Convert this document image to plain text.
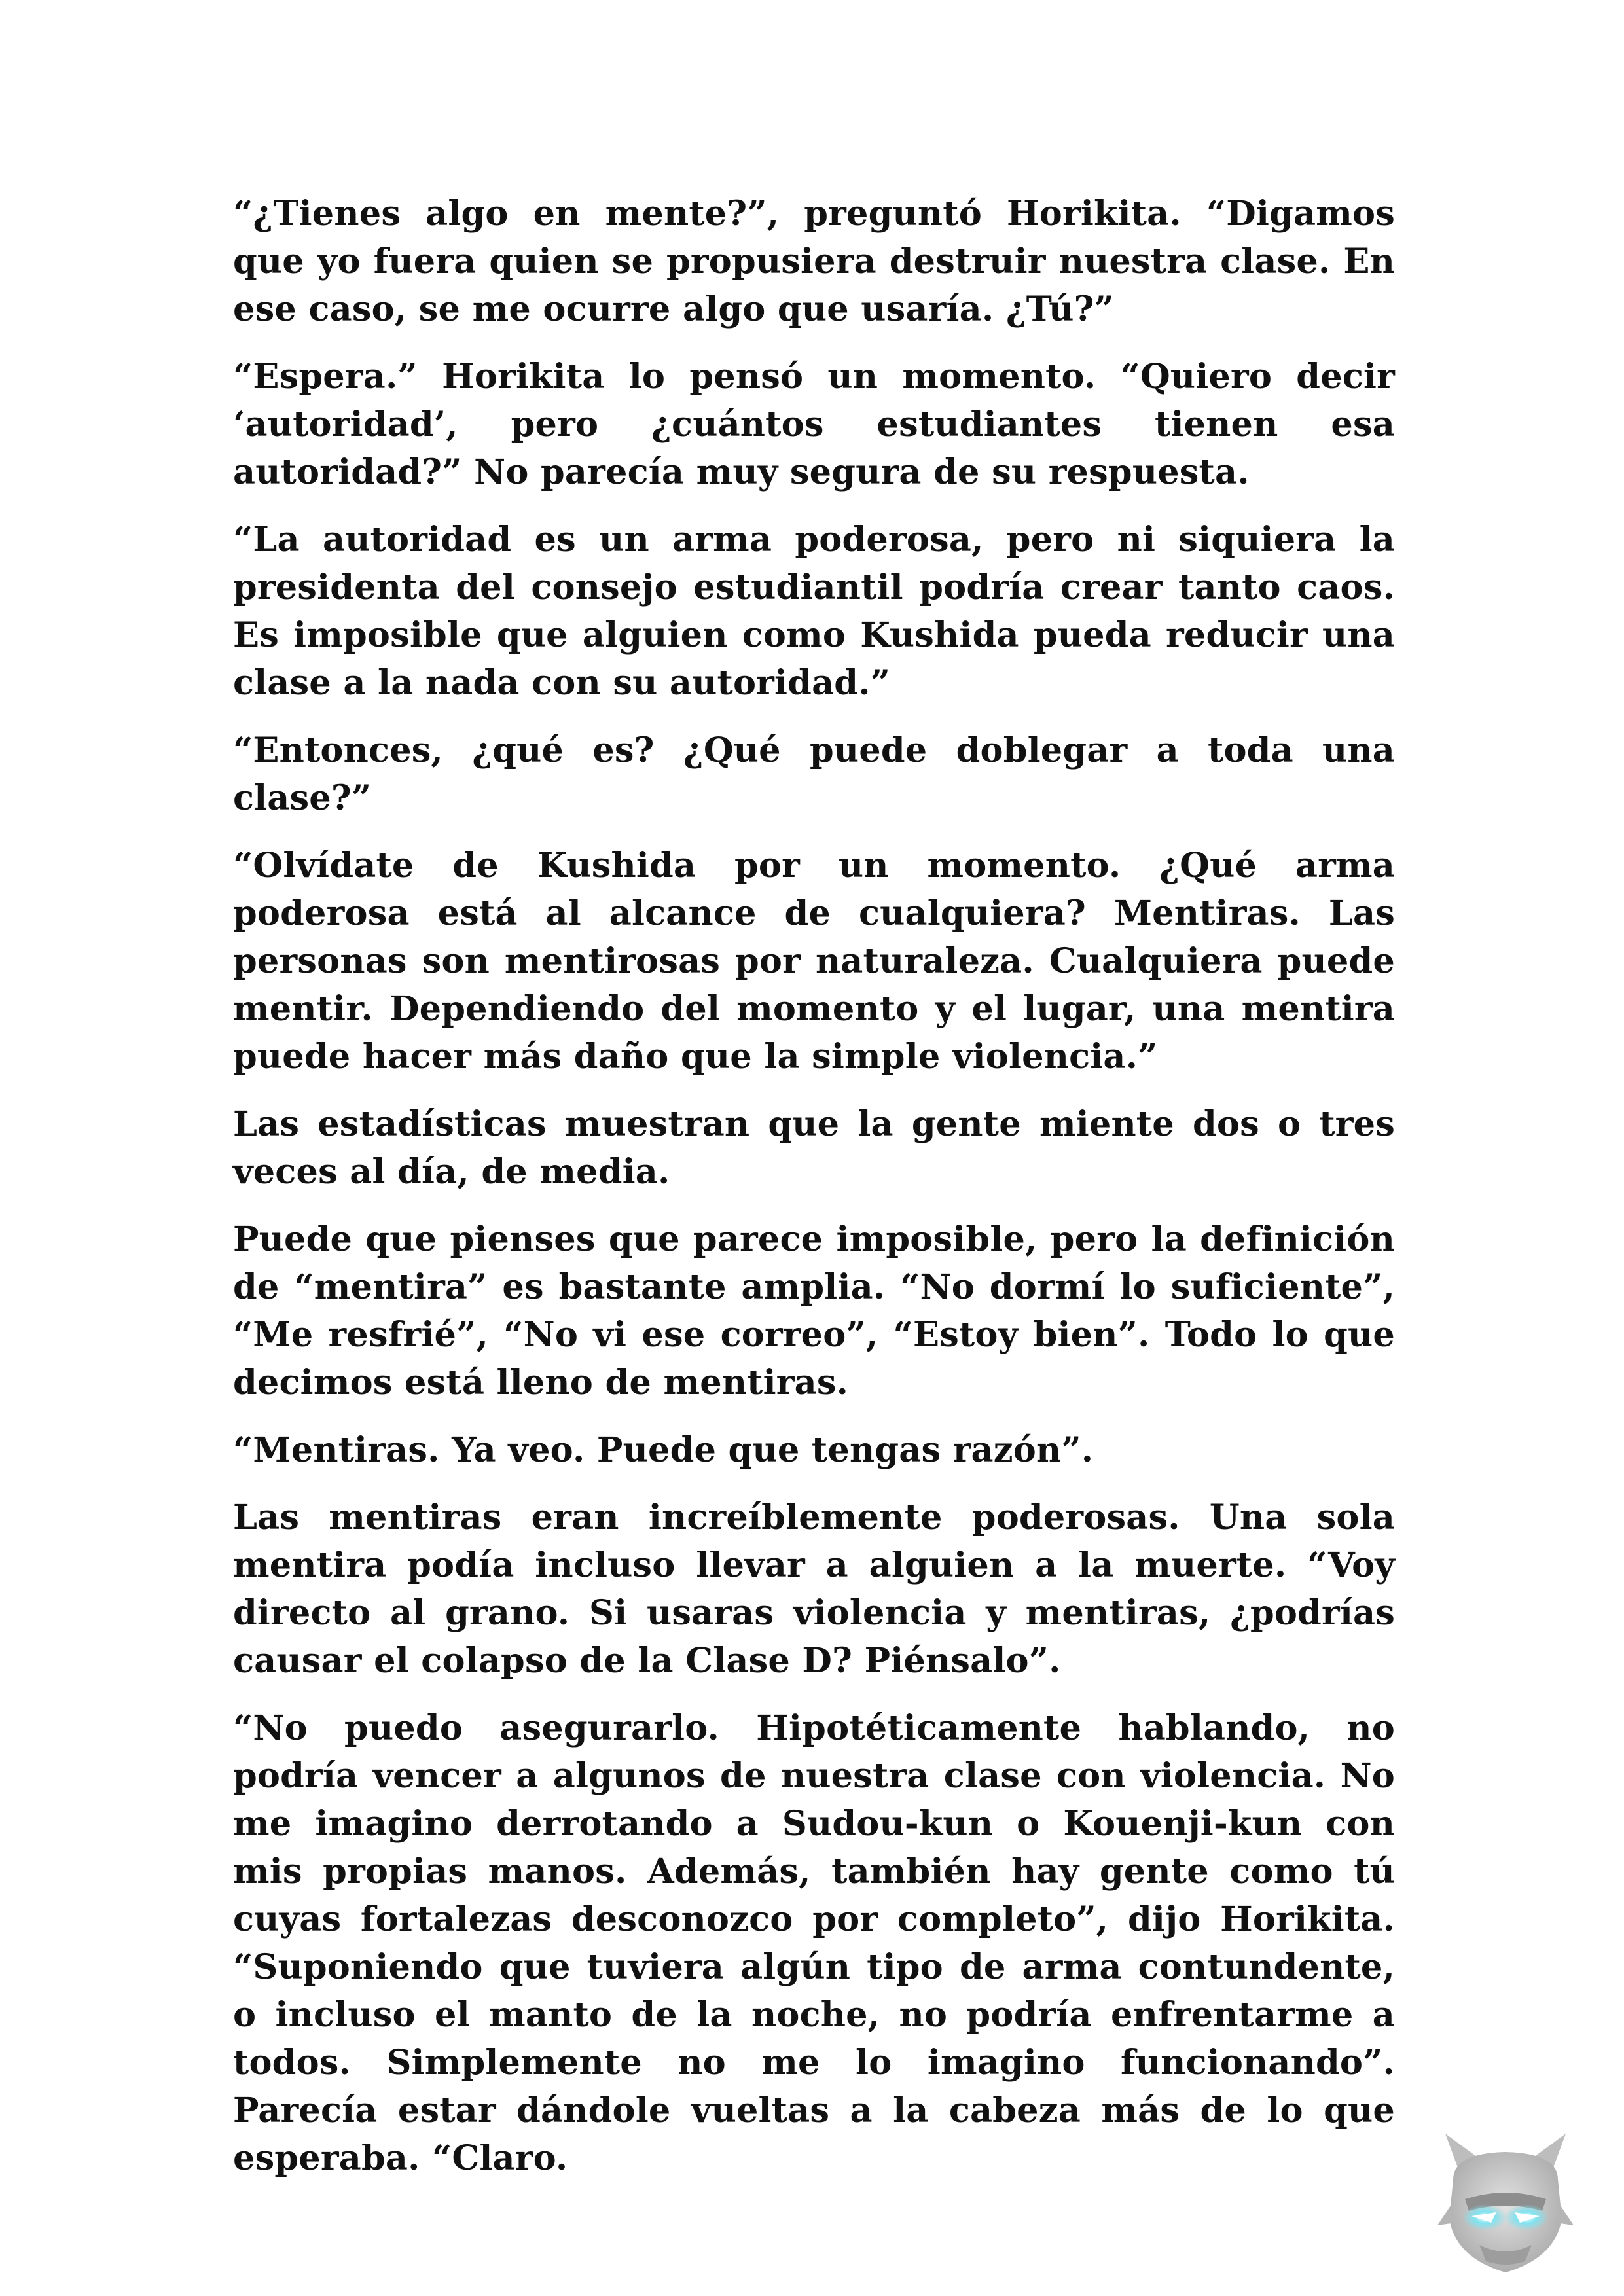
“¿Tienes algo en mente?”, preguntó Horikita. “Digamos que yo fuera quien se propusiera destruir nuestra clase. En ese caso, se me ocurre algo que usaría. ¿Tú?”

“Espera.” Horikita lo pensó un momento. “Quiero decir ‘autoridad’, pero ¿cuántos estudiantes tienen esa autoridad?” No parecía muy segura de su respuesta.

“La autoridad es un arma poderosa, pero ni siquiera la presidenta del consejo estudiantil podría crear tanto caos. Es imposible que alguien como Kushida pueda reducir una clase a la nada con su autoridad.”

“Entonces, ¿qué es? ¿Qué puede doblegar a toda una clase?”

“Olvídate de Kushida por un momento. ¿Qué arma poderosa está al alcance de cualquiera? Mentiras. Las personas son mentirosas por naturaleza. Cualquiera puede mentir. Dependiendo del momento y el lugar, una mentira puede hacer más daño que la simple violencia.”

Las estadísticas muestran que la gente miente dos o tres veces al día, de media.

Puede que pienses que parece imposible, pero la definición de “mentira” es bastante amplia. “No dormí lo suficiente”, “Me resfrié”, “No vi ese correo”, “Estoy bien”. Todo lo que decimos está lleno de mentiras.

“Mentiras. Ya veo. Puede que tengas razón”.

Las mentiras eran increíblemente poderosas. Una sola mentira podía incluso llevar a alguien a la muerte. “Voy directo al grano. Si usaras violencia y mentiras, ¿podrías causar el colapso de la Clase D? Piénsalo”.

“No puedo asegurarlo. Hipotéticamente hablando, no podría vencer a algunos de nuestra clase con violencia. No me imagino derrotando a Sudou-kun o Kouenji-kun con mis propias manos. Además, también hay gente como tú cuyas fortalezas desconozco por completo”, dijo Horikita. “Suponiendo que tuviera algún tipo de arma contundente, o incluso el manto de la noche, no podría enfrentarme a todos. Simplemente no me lo imagino funcionando”. Parecía estar dándole vueltas a la cabeza más de lo que esperaba. “Claro.
